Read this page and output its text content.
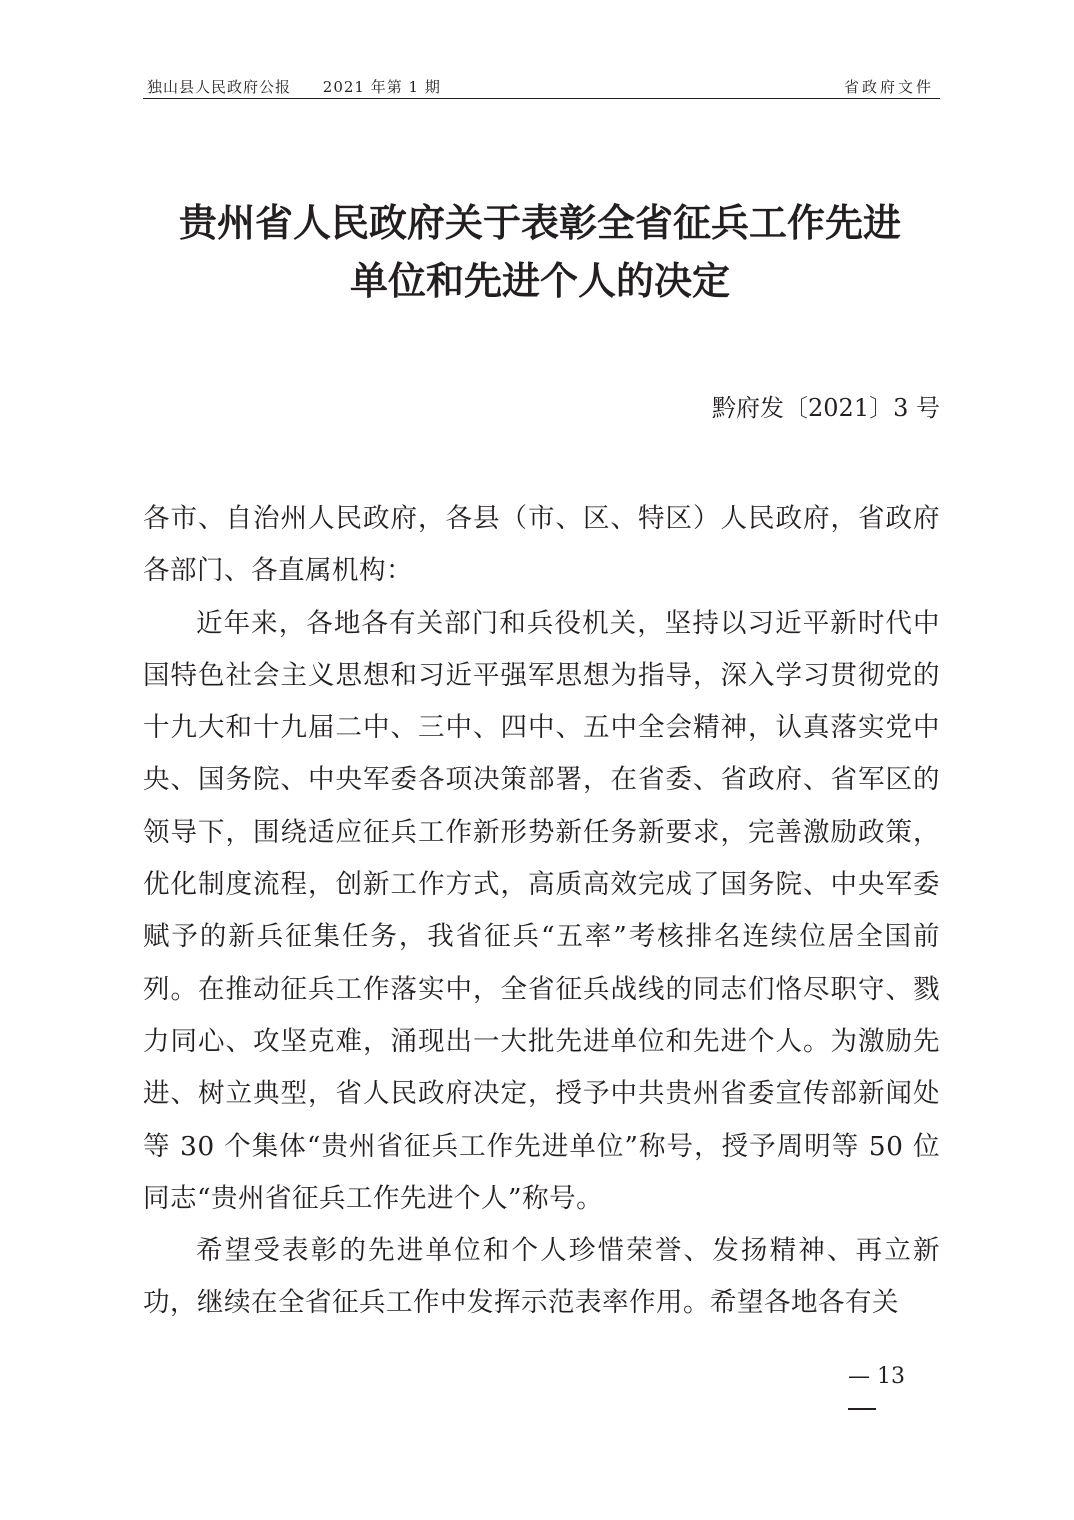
独山县人民政府公报 2021 年第 1 期	省政府文件
贵州省人民政府关于表彰全省征兵工作先进
单位和先进个人的决定
黔府发〔2021〕3 号

各市、自治州人民政府，各县（市、区、特区）人民政府，省政府各部门、各直属机构：

近年来，各地各有关部门和兵役机关，坚持以习近平新时代中国特色社会主义思想和习近平强军思想为指导，深入学习贯彻党的十九大和十九届二中、三中、四中、五中全会精神，认真落实党中央、国务院、中央军委各项决策部署，在省委、省政府、省军区的领导下，围绕适应征兵工作新形势新任务新要求，完善激励政策，优化制度流程，创新工作方式，高质高效完成了国务院、中央军委赋予的新兵征集任务，我省征兵“五率”考核排名连续位居全国前列。在推动征兵工作落实中，全省征兵战线的同志们恪尽职守、戮力同心、攻坚克难，涌现出一大批先进单位和先进个人。为激励先进、树立典型，省人民政府决定，授予中共贵州省委宣传部新闻处等 30 个集体“贵州省征兵工作先进单位”称号，授予周明等 50 位同志“贵州省征兵工作先进个人”称号。

希望受表彰的先进单位和个人珍惜荣誉、发扬精神、再立新功，继续在全省征兵工作中发挥示范表率作用。希望各地各有关

— 13
